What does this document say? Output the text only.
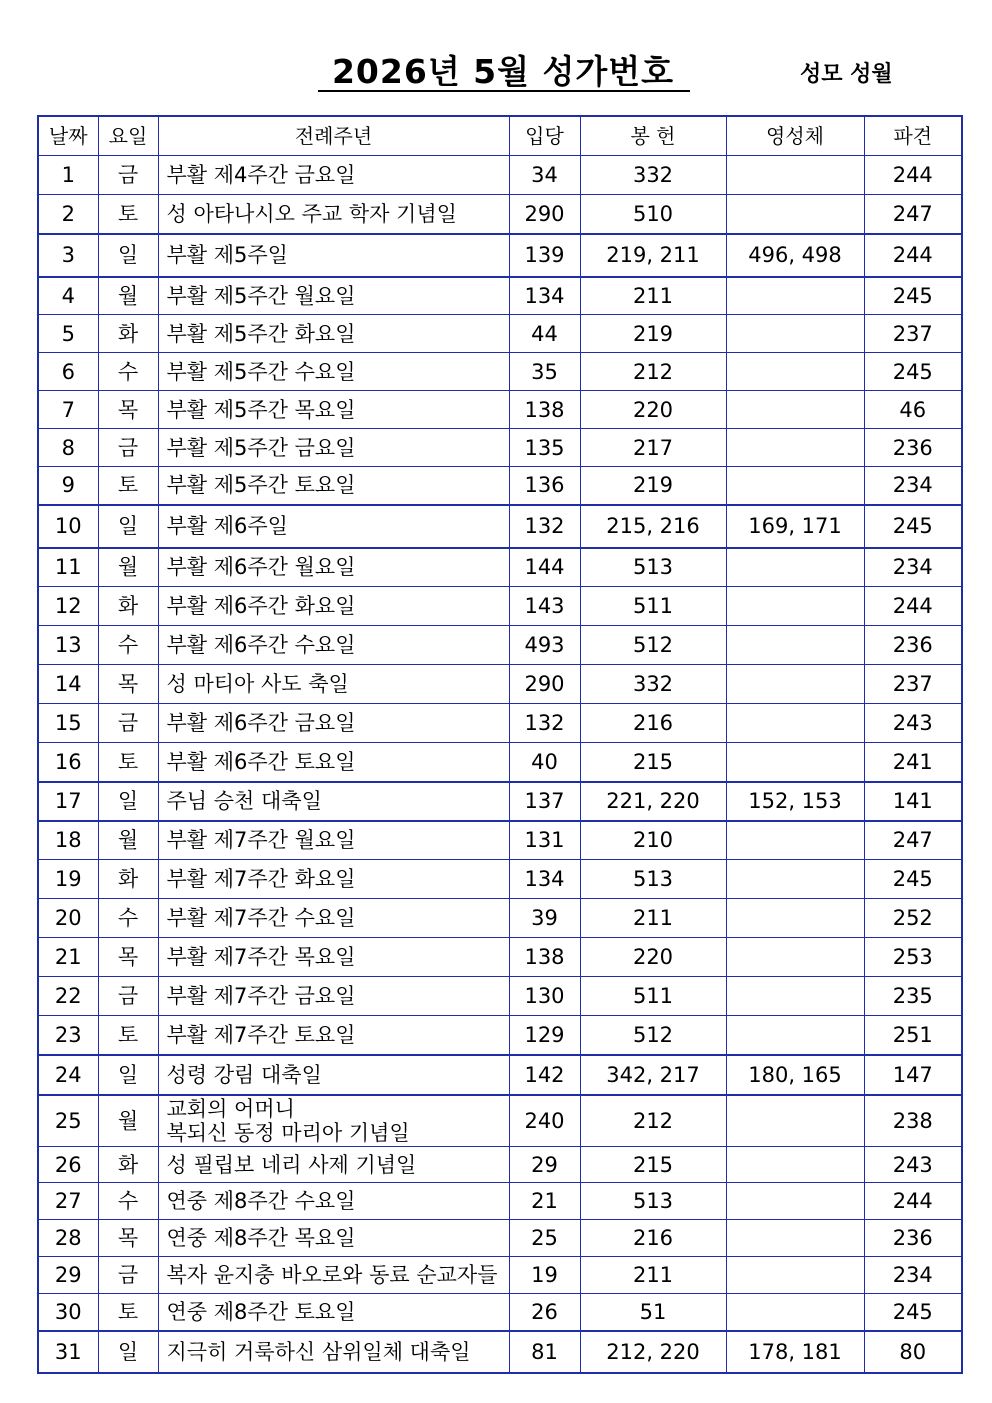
2026년 5월 성가번호	성모 성월
날짜	요일	전례주년	입당	봉 헌	영성체	파견
1	금	부활 제4주간 금요일	34	332		244
2	토	성 아타나시오 주교 학자 기념일	290	510		247
3	일	부활 제5주일	139	219, 211	496, 498	244
4	월	부활 제5주간 월요일	134	211		245
5	화	부활 제5주간 화요일	44	219		237
6	수	부활 제5주간 수요일	35	212		245
7	목	부활 제5주간 목요일	138	220		46
8	금	부활 제5주간 금요일	135	217		236
9	토	부활 제5주간 토요일	136	219		234
10	일	부활 제6주일	132	215, 216	169, 171	245
11	월	부활 제6주간 월요일	144	513		234
12	화	부활 제6주간 화요일	143	511		244
13	수	부활 제6주간 수요일	493	512		236
14	목	성 마티아 사도 축일	290	332		237
15	금	부활 제6주간 금요일	132	216		243
16	토	부활 제6주간 토요일	40	215		241
17	일	주님 승천 대축일	137	221, 220	152, 153	141
18	월	부활 제7주간 월요일	131	210		247
19	화	부활 제7주간 화요일	134	513		245
20	수	부활 제7주간 수요일	39	211		252
21	목	부활 제7주간 목요일	138	220		253
22	금	부활 제7주간 금요일	130	511		235
23	토	부활 제7주간 토요일	129	512		251
24	일	성령 강림 대축일	142	342, 217	180, 165	147
25	월	교회의 어머니
복되신 동정 마리아 기념일	240	212		238
26	화	성 필립보 네리 사제 기념일	29	215		243
27	수	연중 제8주간 수요일	21	513		244
28	목	연중 제8주간 목요일	25	216		236
29	금	복자 윤지충 바오로와 동료 순교자들	19	211		234
30	토	연중 제8주간 토요일	26	51		245
31	일	지극히 거룩하신 삼위일체 대축일	81	212, 220	178, 181	80
